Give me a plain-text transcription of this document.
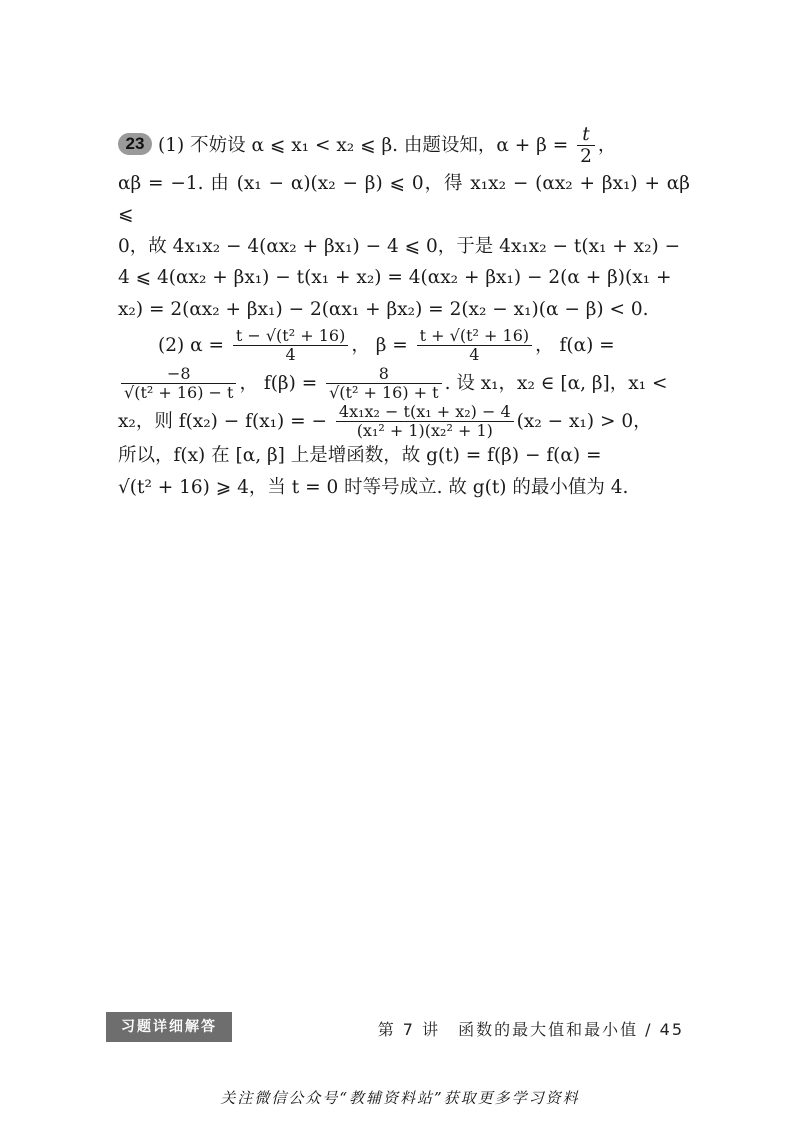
23 (1) 不妨设 α ⩽ x₁ < x₂ ⩽ β. 由题设知，$\alpha + \beta = \frac{t}{2}$ ，
αβ = −1. 由 (x₁ − α)(x₂ − β) ⩽ 0，得 x₁x₂ − (αx₂ + βx₁) + αβ ⩽
0，故 4x₁x₂ − 4(αx₂ + βx₁) − 4 ⩽ 0，于是 4x₁x₂ − t(x₁ + x₂) −
4 ⩽ 4(αx₂ + βx₁) − t(x₁ + x₂) = 4(αx₂ + βx₁) − 2(α + β)(x₁ +
x₂) = 2(αx₂ + βx₁) − 2(αx₁ + βx₂) = 2(x₂ − x₁)(α − β) < 0.

(2) $\alpha = \frac{\text{t − √(t² + 16)}}{4}$ ， $\beta = \frac{\text{t + √(t² + 16)}}{4}$ ， f(α) =

$\frac{-8}{\text{√(t² + 16) − t}}$ ， $f(\beta) = \frac{8}{\text{√(t² + 16) + t}}$ . 设 x₁，x₂ ∈ [α, β]，x₁ <
x₂，则 f(x₂) − f(x₁) = − $\frac{\text{4x₁x₂ − t(x₁ + x₂) − 4}}{\text{(x₁² + 1)(x₂² + 1)}} (x_2 - x_1) > 0$，
所以，f(x) 在 [α, β] 上是增函数，故 g(t) = f(β) − f(α) =
√(t² + 16) ⩾ 4，当 t = 0 时等号成立. 故 g(t) 的最小值为 4.

习题详细解答	第 7 讲　函数的最大值和最小值 / 45
关注微信公众号“教辅资料站”获取更多学习资料
